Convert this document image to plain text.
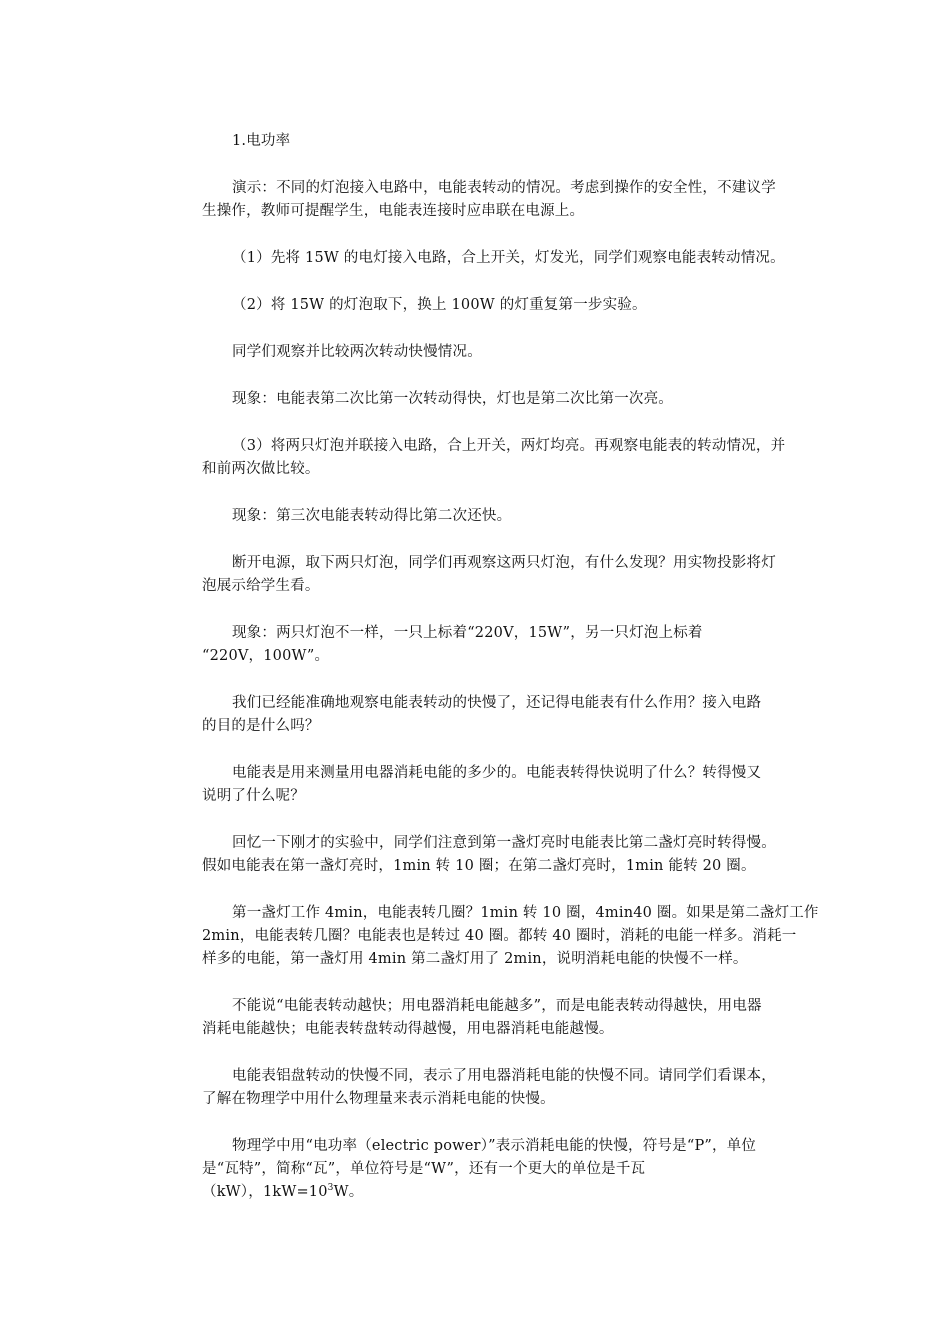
1.电功率
演示：不同的灯泡接入电路中，电能表转动的情况。考虑到操作的安全性，不建议学
生操作，教师可提醒学生，电能表连接时应串联在电源上。
（1）先将 15W 的电灯接入电路，合上开关，灯发光，同学们观察电能表转动情况。
（2）将 15W 的灯泡取下，换上 100W 的灯重复第一步实验。
同学们观察并比较两次转动快慢情况。
现象：电能表第二次比第一次转动得快，灯也是第二次比第一次亮。
（3）将两只灯泡并联接入电路，合上开关，两灯均亮。再观察电能表的转动情况，并
和前两次做比较。
现象：第三次电能表转动得比第二次还快。
断开电源，取下两只灯泡，同学们再观察这两只灯泡，有什么发现？用实物投影将灯
泡展示给学生看。
现象：两只灯泡不一样，一只上标着“220V，15W”，另一只灯泡上标着
“220V，100W”。
我们已经能准确地观察电能表转动的快慢了，还记得电能表有什么作用？接入电路
的目的是什么吗？
电能表是用来测量用电器消耗电能的多少的。电能表转得快说明了什么？转得慢又
说明了什么呢？
回忆一下刚才的实验中，同学们注意到第一盏灯亮时电能表比第二盏灯亮时转得慢。
假如电能表在第一盏灯亮时，1min 转 10 圈；在第二盏灯亮时，1min 能转 20 圈。
第一盏灯工作 4min，电能表转几圈？1min 转 10 圈，4min40 圈。如果是第二盏灯工作
2min，电能表转几圈？电能表也是转过 40 圈。都转 40 圈时，消耗的电能一样多。消耗一
样多的电能，第一盏灯用 4min 第二盏灯用了 2min，说明消耗电能的快慢不一样。
不能说“电能表转动越快；用电器消耗电能越多”，而是电能表转动得越快，用电器
消耗电能越快；电能表转盘转动得越慢，用电器消耗电能越慢。
电能表铝盘转动的快慢不同，表示了用电器消耗电能的快慢不同。请同学们看课本，
了解在物理学中用什么物理量来表示消耗电能的快慢。
物理学中用“电功率（electric power）”表示消耗电能的快慢，符号是“P”，单位
是“瓦特”，简称“瓦”，单位符号是“W”，还有一个更大的单位是千瓦
（kW），$1kW=10^3W$。
